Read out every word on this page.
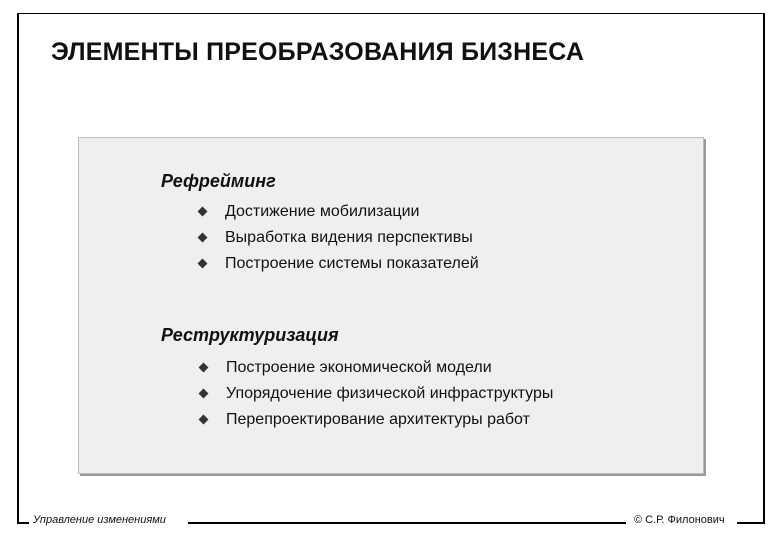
ЭЛЕМЕНТЫ ПРЕОБРАЗОВАНИЯ БИЗНЕСА
Рефрейминг
Достижение мобилизации
Выработка видения перспективы
Построение системы показателей
Реструктуризация
Построение экономической модели
Упорядочение физической инфраструктуры
Перепроектирование архитектуры работ
Управление изменениями	© С.Р. Филонович
